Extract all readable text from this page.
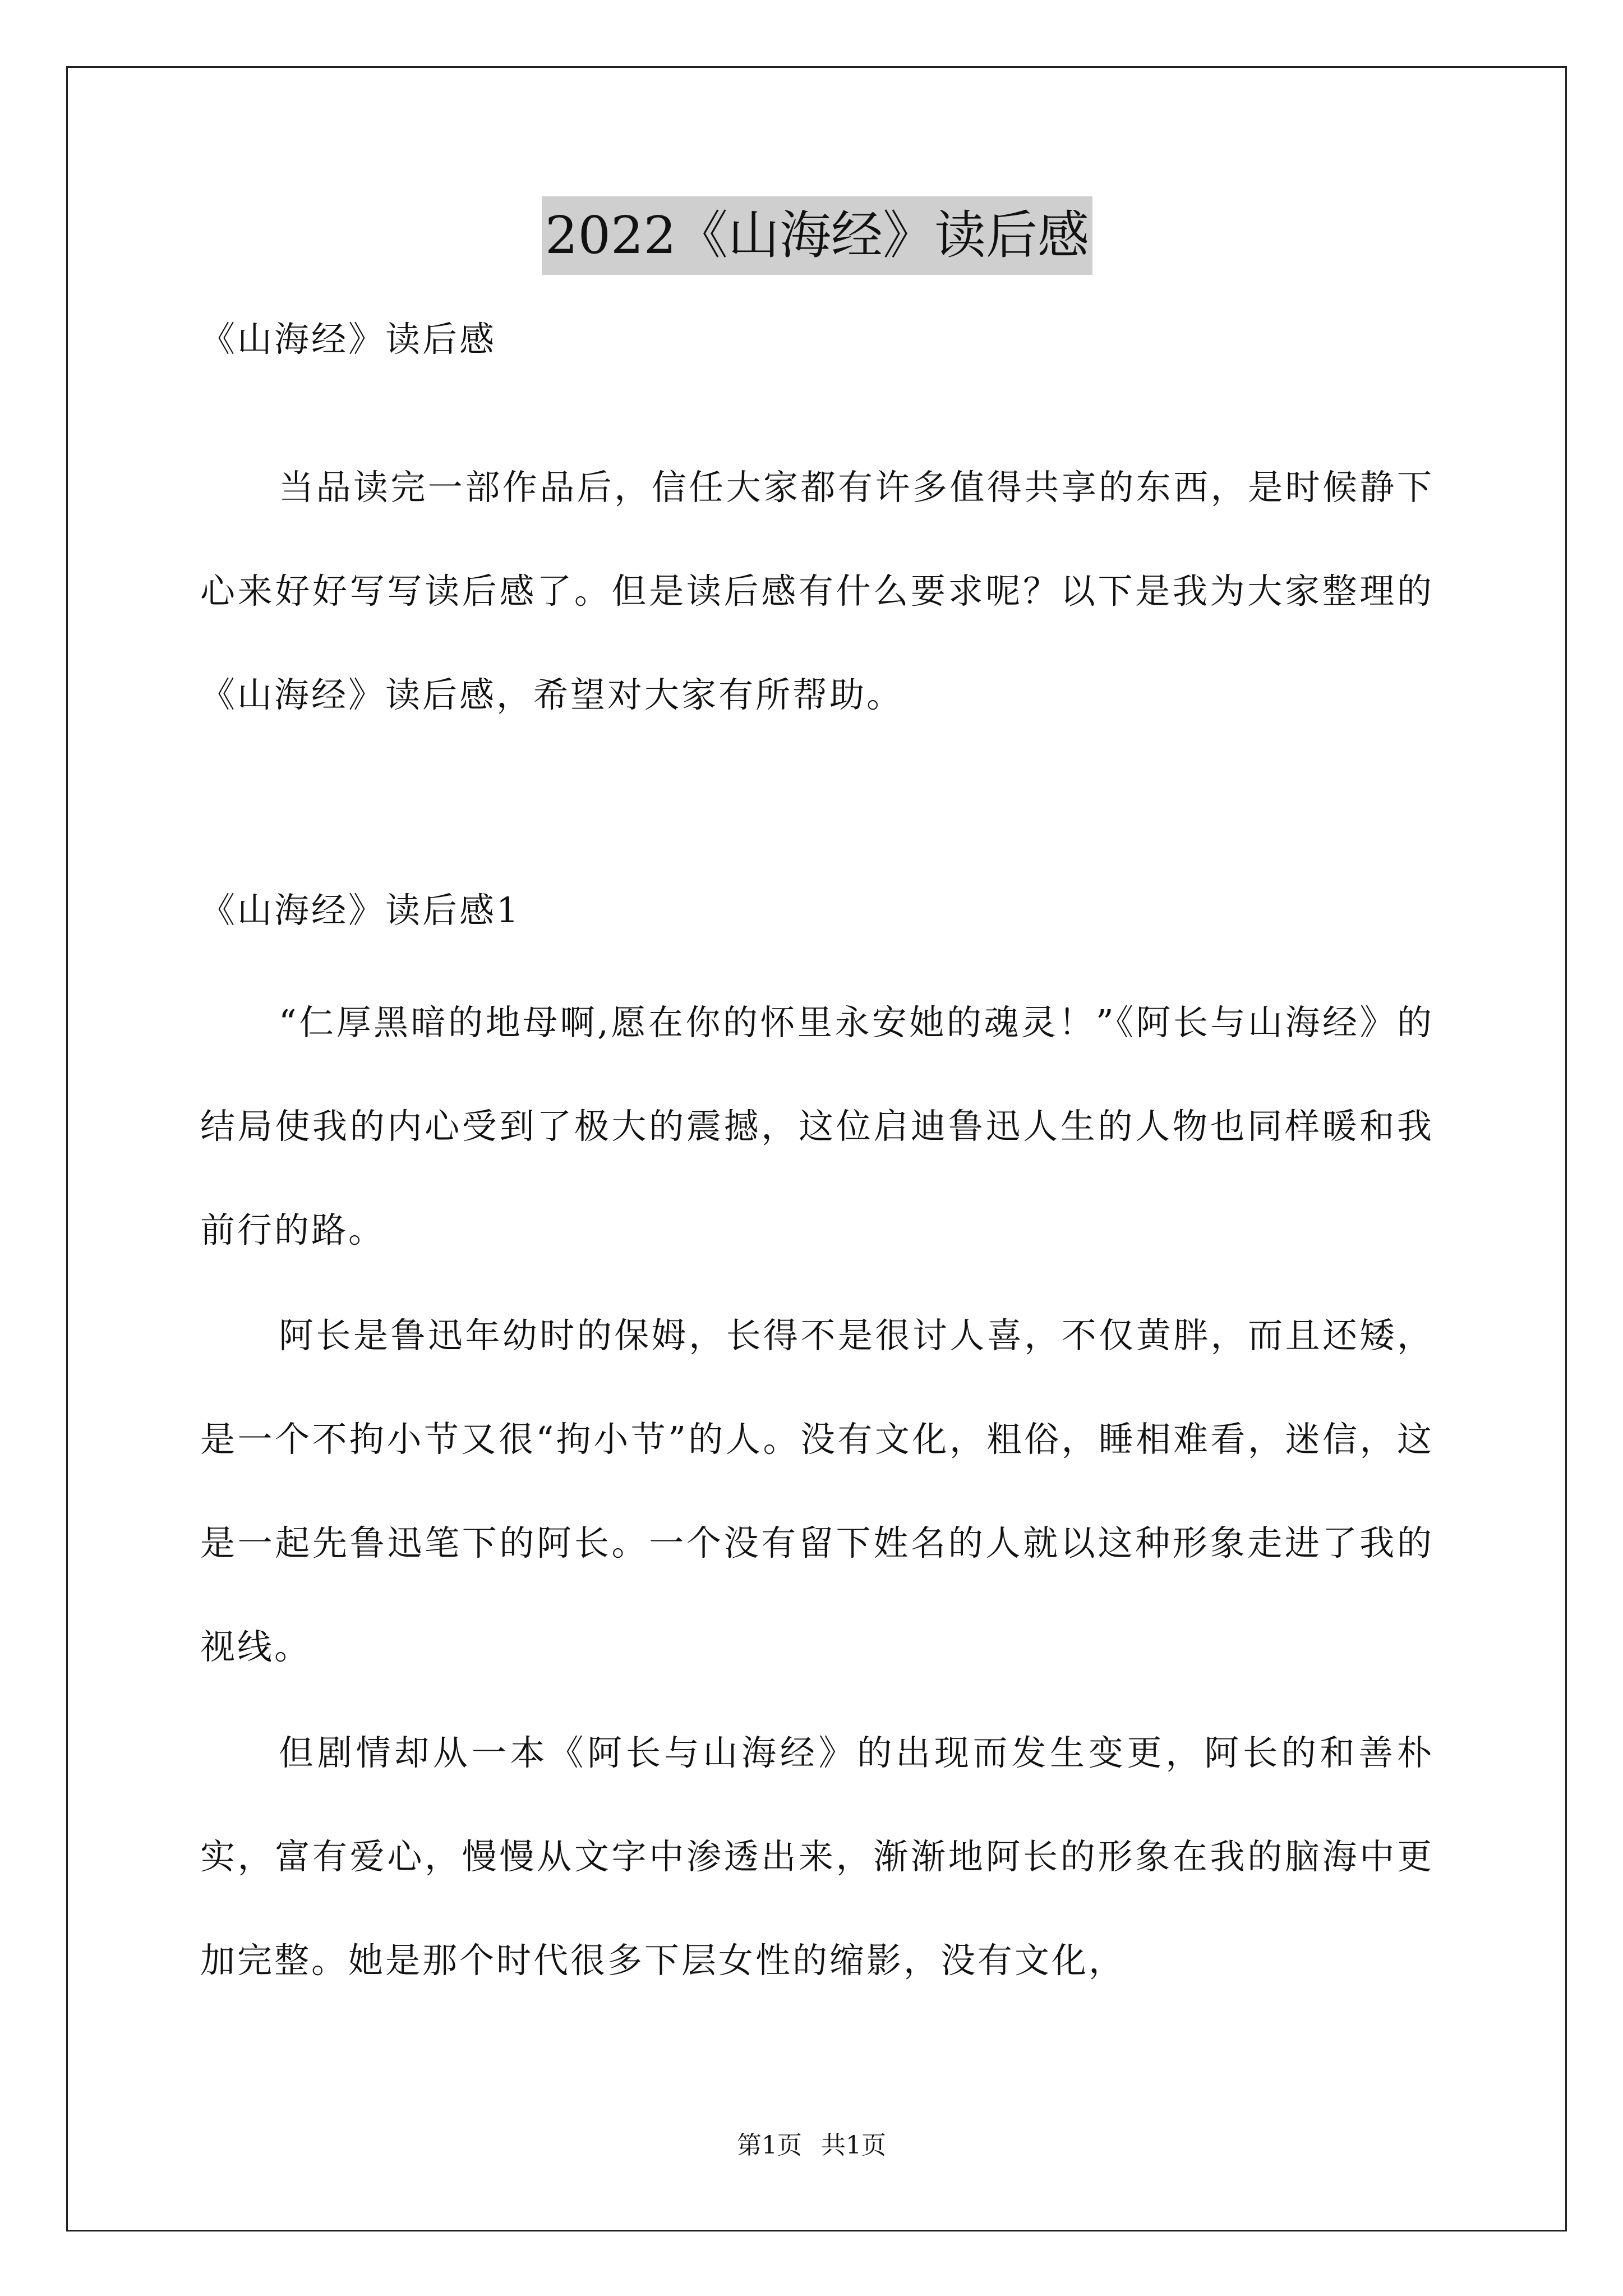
2022《山海经》读后感
《山海经》读后感

当品读完一部作品后，信任大家都有许多值得共享的东西，是时候静下心来好好写写读后感了。但是读后感有什么要求呢？以下是我为大家整理的《山海经》读后感，希望对大家有所帮助。

《山海经》读后感1

“仁厚黑暗的地母啊,愿在你的怀里永安她的魂灵！”《阿长与山海经》的结局使我的内心受到了极大的震撼，这位启迪鲁迅人生的人物也同样暖和我前行的路。

阿长是鲁迅年幼时的保姆，长得不是很讨人喜，不仅黄胖，而且还矮，是一个不拘小节又很“拘小节”的人。没有文化，粗俗，睡相难看，迷信，这是一起先鲁迅笔下的阿长。一个没有留下姓名的人就以这种形象走进了我的视线。

但剧情却从一本《阿长与山海经》的出现而发生变更，阿长的和善朴实，富有爱心，慢慢从文字中渗透出来，渐渐地阿长的形象在我的脑海中更加完整。她是那个时代很多下层女性的缩影，没有文化，

第1页 共1页
